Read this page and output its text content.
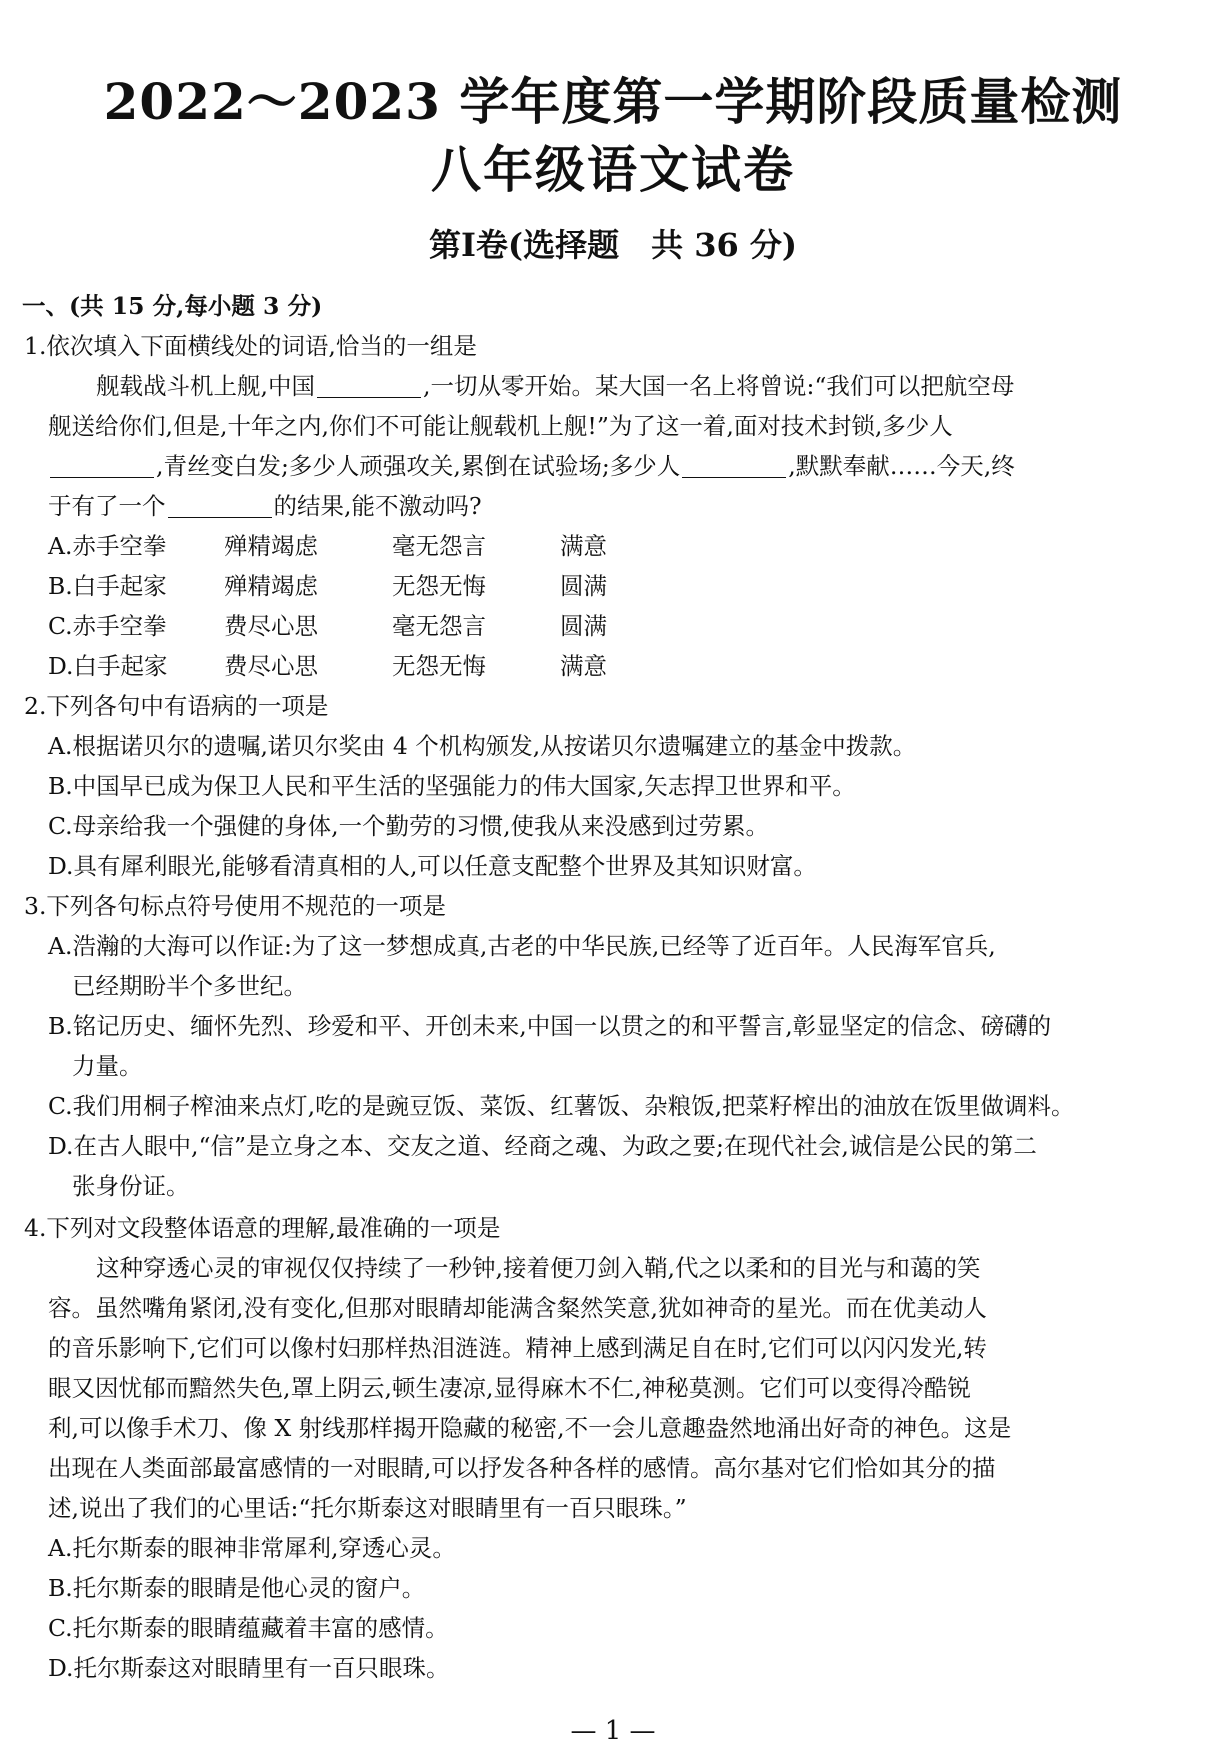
2022～2023 学年度第一学期阶段质量检测
八年级语文试卷
第Ⅰ卷(选择题　共 36 分)
一、(共 15 分,每小题 3 分)
1.依次填入下面横线处的词语,恰当的一组是
舰载战斗机上舰,中国	,一切从零开始。某大国一名上将曾说:“我们可以把航空母
舰送给你们,但是,十年之内,你们不可能让舰载机上舰!”为了这一着,面对技术封锁,多少人
,青丝变白发;多少人顽强攻关,累倒在试验场;多少人	,默默奉献……今天,终
于有了一个	的结果,能不激动吗?
A.赤手空拳 殚精竭虑	毫无怨言	满意
B.白手起家 殚精竭虑	无怨无悔	圆满
C.赤手空拳 费尽心思	毫无怨言	圆满
D.白手起家 费尽心思	无怨无悔	满意
2.下列各句中有语病的一项是
A.根据诺贝尔的遗嘱,诺贝尔奖由 4 个机构颁发,从按诺贝尔遗嘱建立的基金中拨款。
B.中国早已成为保卫人民和平生活的坚强能力的伟大国家,矢志捍卫世界和平。
C.母亲给我一个强健的身体,一个勤劳的习惯,使我从来没感到过劳累。
D.具有犀利眼光,能够看清真相的人,可以任意支配整个世界及其知识财富。
3.下列各句标点符号使用不规范的一项是
A.浩瀚的大海可以作证:为了这一梦想成真,古老的中华民族,已经等了近百年。人民海军官兵,
已经期盼半个多世纪。
B.铭记历史、缅怀先烈、珍爱和平、开创未来,中国一以贯之的和平誓言,彰显坚定的信念、磅礴的
力量。
C.我们用桐子榨油来点灯,吃的是豌豆饭、菜饭、红薯饭、杂粮饭,把菜籽榨出的油放在饭里做调料。
D.在古人眼中,“信”是立身之本、交友之道、经商之魂、为政之要;在现代社会,诚信是公民的第二
张身份证。
4.下列对文段整体语意的理解,最准确的一项是
这种穿透心灵的审视仅仅持续了一秒钟,接着便刀剑入鞘,代之以柔和的目光与和蔼的笑
容。虽然嘴角紧闭,没有变化,但那对眼睛却能满含粲然笑意,犹如神奇的星光。而在优美动人
的音乐影响下,它们可以像村妇那样热泪涟涟。精神上感到满足自在时,它们可以闪闪发光,转
眼又因忧郁而黯然失色,罩上阴云,顿生凄凉,显得麻木不仁,神秘莫测。它们可以变得冷酷锐
利,可以像手术刀、像 X 射线那样揭开隐藏的秘密,不一会儿意趣盎然地涌出好奇的神色。这是
出现在人类面部最富感情的一对眼睛,可以抒发各种各样的感情。高尔基对它们恰如其分的描
述,说出了我们的心里话:“托尔斯泰这对眼睛里有一百只眼珠。”
A.托尔斯泰的眼神非常犀利,穿透心灵。
B.托尔斯泰的眼睛是他心灵的窗户。
C.托尔斯泰的眼睛蕴藏着丰富的感情。
D.托尔斯泰这对眼睛里有一百只眼珠。
— 1 —
